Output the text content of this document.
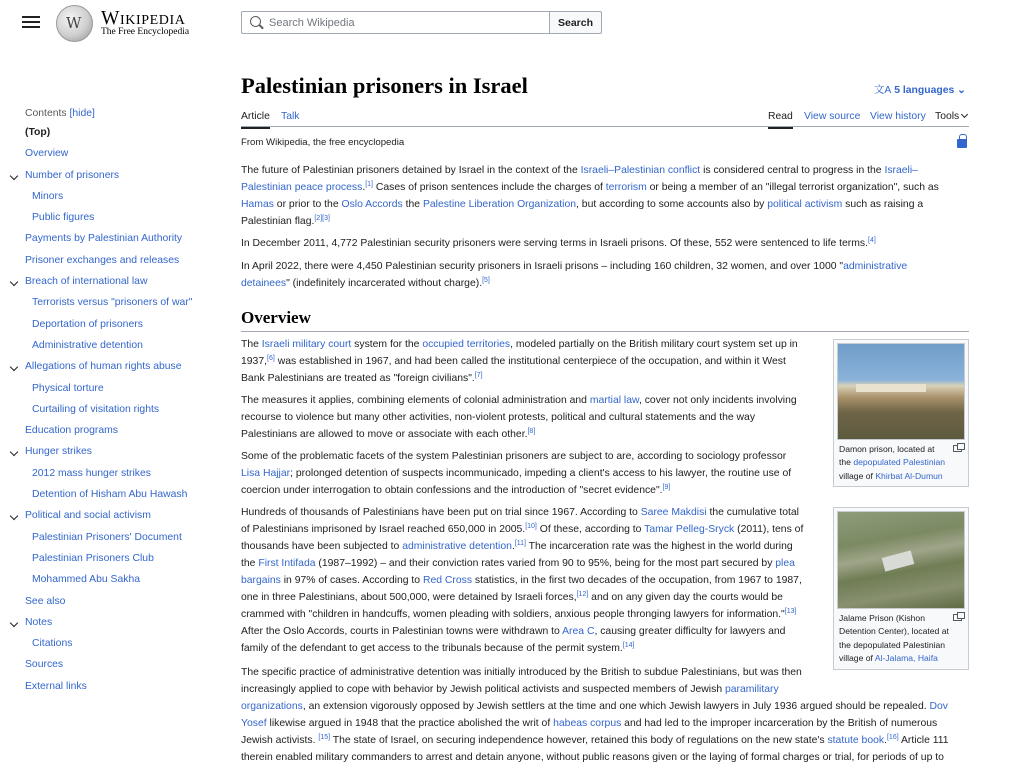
W
Wikipedia
The Free Encyclopedia
Search Wikipedia
Search
Contents [hide]
(Top)
Overview
Number of prisoners
Minors
Public figures
Payments by Palestinian Authority
Prisoner exchanges and releases
Breach of international law
Terrorists versus "prisoners of war"
Deportation of prisoners
Administrative detention
Allegations of human rights abuse
Physical torture
Curtailing of visitation rights
Education programs
Hunger strikes
2012 mass hunger strikes
Detention of Hisham Abu Hawash
Political and social activism
Palestinian Prisoners' Document
Palestinian Prisoners Club
Mohammed Abu Sakha
See also
Notes
Citations
Sources
External links
Palestinian prisoners in Israel	文A 5 languages ⌄
Article Talk	Read View source View history Tools
From Wikipedia, the free encyclopedia
The future of Palestinian prisoners detained by Israel in the context of the Israeli–Palestinian conflict is considered central to progress in the Israeli–
Palestinian peace process.[1] Cases of prison sentences include the charges of terrorism or being a member of an "illegal terrorist organization", such as
Hamas or prior to the Oslo Accords the Palestine Liberation Organization, but according to some accounts also by political activism such as raising a
Palestinian flag.[2][3]
In December 2011, 4,772 Palestinian security prisoners were serving terms in Israeli prisons. Of these, 552 were sentenced to life terms.[4]
In April 2022, there were 4,450 Palestinian security prisoners in Israeli prisons – including 160 children, 32 women, and over 1000 "administrative
detainees" (indefinitely incarcerated without charge).[5]
Overview
The Israeli military court system for the occupied territories, modeled partially on the British military court system set up in
1937,[6] was established in 1967, and had been called the institutional centerpiece of the occupation, and within it West
Bank Palestinians are treated as "foreign civilians".[7]
The measures it applies, combining elements of colonial administration and martial law, cover not only incidents involving
recourse to violence but many other activities, non-violent protests, political and cultural statements and the way
Palestinians are allowed to move or associate with each other.[8]
Some of the problematic facets of the system Palestinian prisoners are subject to are, according to sociology professor
Lisa Hajjar; prolonged detention of suspects incommunicado, impeding a client's access to his lawyer, the routine use of
coercion under interrogation to obtain confessions and the introduction of "secret evidence".[9]
Hundreds of thousands of Palestinians have been put on trial since 1967. According to Saree Makdisi the cumulative total
of Palestinians imprisoned by Israel reached 650,000 in 2005.[10] Of these, according to Tamar Pelleg-Sryck (2011), tens of
thousands have been subjected to administrative detention.[11] The incarceration rate was the highest in the world during
the First Intifada (1987–1992) – and their conviction rates varied from 90 to 95%, being for the most part secured by plea
bargains in 97% of cases. According to Red Cross statistics, in the first two decades of the occupation, from 1967 to 1987,
one in three Palestinians, about 500,000, were detained by Israeli forces,[12] and on any given day the courts would be
crammed with "children in handcuffs, women pleading with soldiers, anxious people thronging lawyers for information."[13]
After the Oslo Accords, courts in Palestinian towns were withdrawn to Area C, causing greater difficulty for lawyers and
family of the defendant to get access to the tribunals because of the permit system.[14]
The specific practice of administrative detention was initially introduced by the British to subdue Palestinians, but was then
increasingly applied to cope with behavior by Jewish political activists and suspected members of Jewish paramilitary
organizations, an extension vigorously opposed by Jewish settlers at the time and one which Jewish lawyers in July 1936 argued should be repealed. Dov
Yosef likewise argued in 1948 that the practice abolished the writ of habeas corpus and had led to the improper incarceration by the British of numerous
Jewish activists. [15] The state of Israel, on securing independence however, retained this body of regulations on the new state's statute book.[16] Article 111
therein enabled military commanders to arrest and detain anyone, without public reasons given or the laying of formal charges or trial, for periods of up to
Damon prison, located at
the depopulated Palestinian
village of Khirbat Al-Dumun
Jalame Prison (Kishon
Detention Center), located at
the depopulated Palestinian
village of Al-Jalama, Haifa
